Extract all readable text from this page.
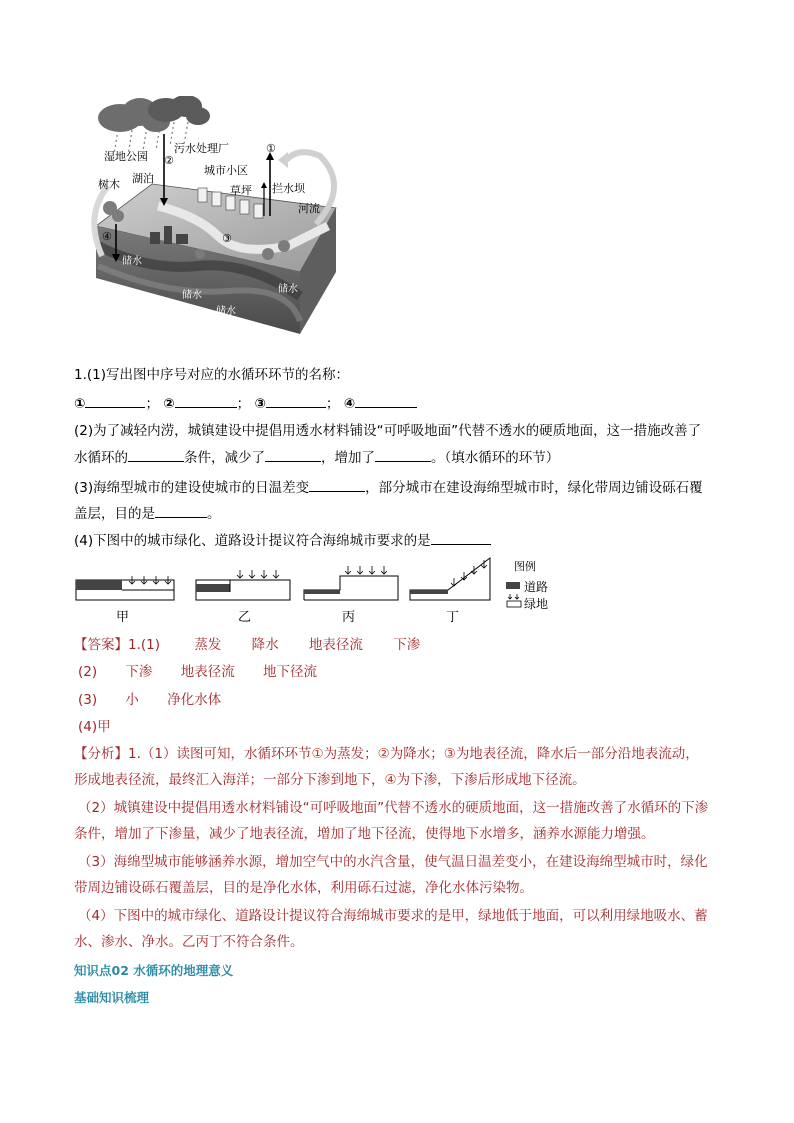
湿地公园
污水处理厂
城市小区
湖泊
树木	草坪 拦水坝
河流
①
②
③
④
储水
储水
储水
储水
1.(1)写出图中序号对应的水循环环节的名称：
①	； ②	； ③	； ④
(2)为了减轻内涝，城镇建设中提倡用透水材料铺设“可呼吸地面”代替不透水的硬质地面，这一措施改善了
水循环的	条件，减少了	，增加了	。（填水循环的环节）
(3)海绵型城市的建设使城市的日温差变	，部分城市在建设海绵型城市时，绿化带周边铺设砾石覆
盖层，目的是	。
(4)下图中的城市绿化、道路设计提议符合海绵城市要求的是
甲	乙	丙	丁
图例
道路
绿地
【答案】1.(1)	蒸发 降水 地表径流 下渗
(2) 下渗 地表径流 地下径流
(3) 小 净化水体
(4)甲
【分析】1.（1）读图可知，水循环环节①为蒸发；②为降水；③为地表径流，降水后一部分沿地表流动，
形成地表径流，最终汇入海洋；一部分下渗到地下，④为下渗，下渗后形成地下径流。
（2）城镇建设中提倡用透水材料铺设“可呼吸地面”代替不透水的硬质地面，这一措施改善了水循环的下渗
条件，增加了下渗量，减少了地表径流，增加了地下径流，使得地下水增多，涵养水源能力增强。
（3）海绵型城市能够涵养水源，增加空气中的水汽含量，使气温日温差变小，在建设海绵型城市时，绿化
带周边铺设砾石覆盖层，目的是净化水体，利用砾石过滤，净化水体污染物。
（4）下图中的城市绿化、道路设计提议符合海绵城市要求的是甲，绿地低于地面，可以利用绿地吸水、蓄
水、渗水、净水。乙丙丁不符合条件。
知识点02 水循环的地理意义
基础知识梳理
